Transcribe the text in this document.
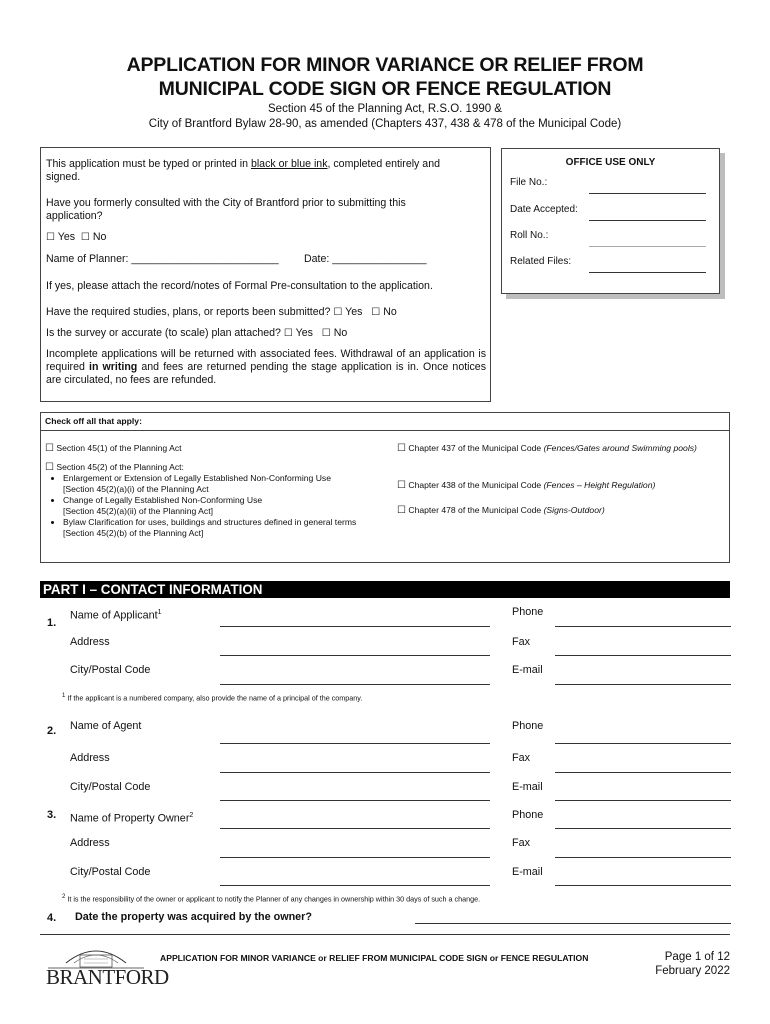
APPLICATION FOR MINOR VARIANCE OR RELIEF FROM
MUNICIPAL CODE SIGN OR FENCE REGULATION
Section 45 of the Planning Act, R.S.O. 1990 &
City of Brantford Bylaw 28-90, as amended (Chapters 437, 438 & 478 of the Municipal Code)
This application must be typed or printed in black or blue ink, completed entirely and signed.
Have you formerly consulted with the City of Brantford prior to submitting this application?
☐ Yes ☐ No
Name of Planner: _________________________ Date: ________________
If yes, please attach the record/notes of Formal Pre-consultation to the application.
Have the required studies, plans, or reports been submitted? ☐ Yes ☐ No
Is the survey or accurate (to scale) plan attached? ☐ Yes ☐ No
Incomplete applications will be returned with associated fees. Withdrawal of an application is required in writing and fees are returned pending the stage application is in. Once notices are circulated, no fees are refunded.
OFFICE USE ONLY
File No.:
Date Accepted:
Roll No.:
Related Files:
Check off all that apply:
☐ Section 45(1) of the Planning Act
☐ Section 45(2) of the Planning Act:
• Enlargement or Extension of Legally Established Non-Conforming Use
[Section 45(2)(a)(i) of the Planning Act
• Change of Legally Established Non-Conforming Use
[Section 45(2)(a)(ii) of the Planning Act]
• Bylaw Clarification for uses, buildings and structures defined in general terms
[Section 45(2)(b) of the Planning Act]
☐ Chapter 437 of the Municipal Code (Fences/Gates around Swimming pools)
☐ Chapter 438 of the Municipal Code (Fences – Height Regulation)
☐ Chapter 478 of the Municipal Code (Signs-Outdoor)
PART I – CONTACT INFORMATION
1.
Name of Applicant$^1$	Phone
Address	Fax
City/Postal Code	E-mail
$^1$ If the applicant is a numbered company, also provide the name of a principal of the company.
2. Name of Agent	Phone
Address	Fax
City/Postal Code	E-mail
3. Name of Property Owner$^2$	Phone
Address	Fax
City/Postal Code	E-mail
$^2$ It is the responsibility of the owner or applicant to notify the Planner of any changes in ownership within 30 days of such a change.
4. Date the property was acquired by the owner?
BRANTFORD
APPLICATION FOR MINOR VARIANCE or RELIEF FROM MUNICIPAL CODE SIGN or FENCE REGULATION	Page 1 of 12
February 2022
